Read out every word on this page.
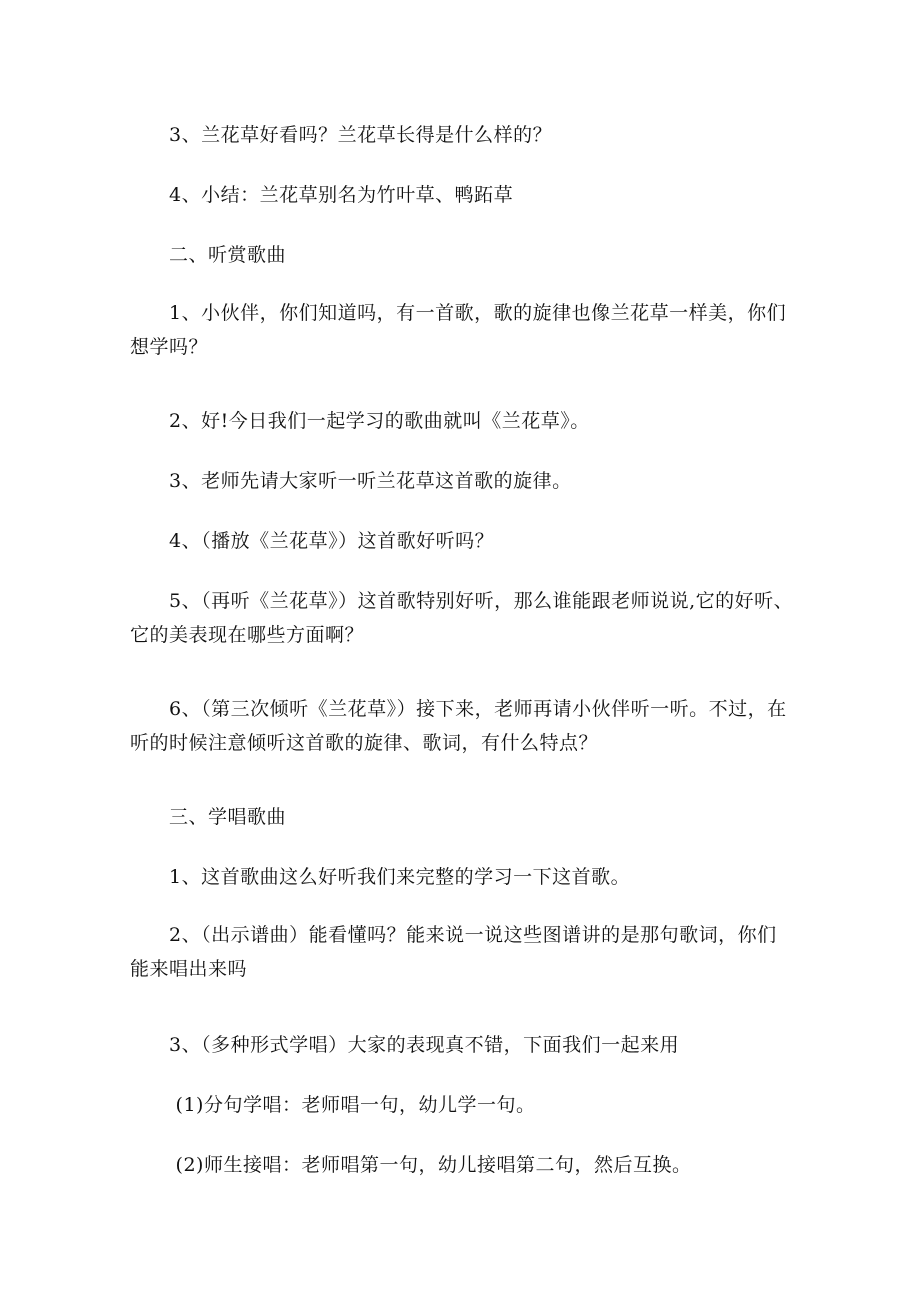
　　3、兰花草好看吗？兰花草长得是什么样的？

　　4、小结：兰花草别名为竹叶草、鸭跖草

　　二、听赏歌曲

　　1、小伙伴，你们知道吗，有一首歌，歌的旋律也像兰花草一样美，你们想学吗？

　　2、好!今日我们一起学习的歌曲就叫《兰花草》。

　　3、老师先请大家听一听兰花草这首歌的旋律。

　　4、（播放《兰花草》）这首歌好听吗？

　　5、（再听《兰花草》）这首歌特别好听，那么谁能跟老师说说,它的好听、它的美表现在哪些方面啊？

　　6、（第三次倾听《兰花草》）接下来，老师再请小伙伴听一听。不过，在听的时候注意倾听这首歌的旋律、歌词，有什么特点？

　　三、学唱歌曲

　　1、这首歌曲这么好听我们来完整的学习一下这首歌。

　　2、（出示谱曲）能看懂吗？能来说一说这些图谱讲的是那句歌词，你们能来唱出来吗

　　3、（多种形式学唱）大家的表现真不错，下面我们一起来用

　　 (1)分句学唱：老师唱一句，幼儿学一句。

　　 (2)师生接唱：老师唱第一句，幼儿接唱第二句，然后互换。
